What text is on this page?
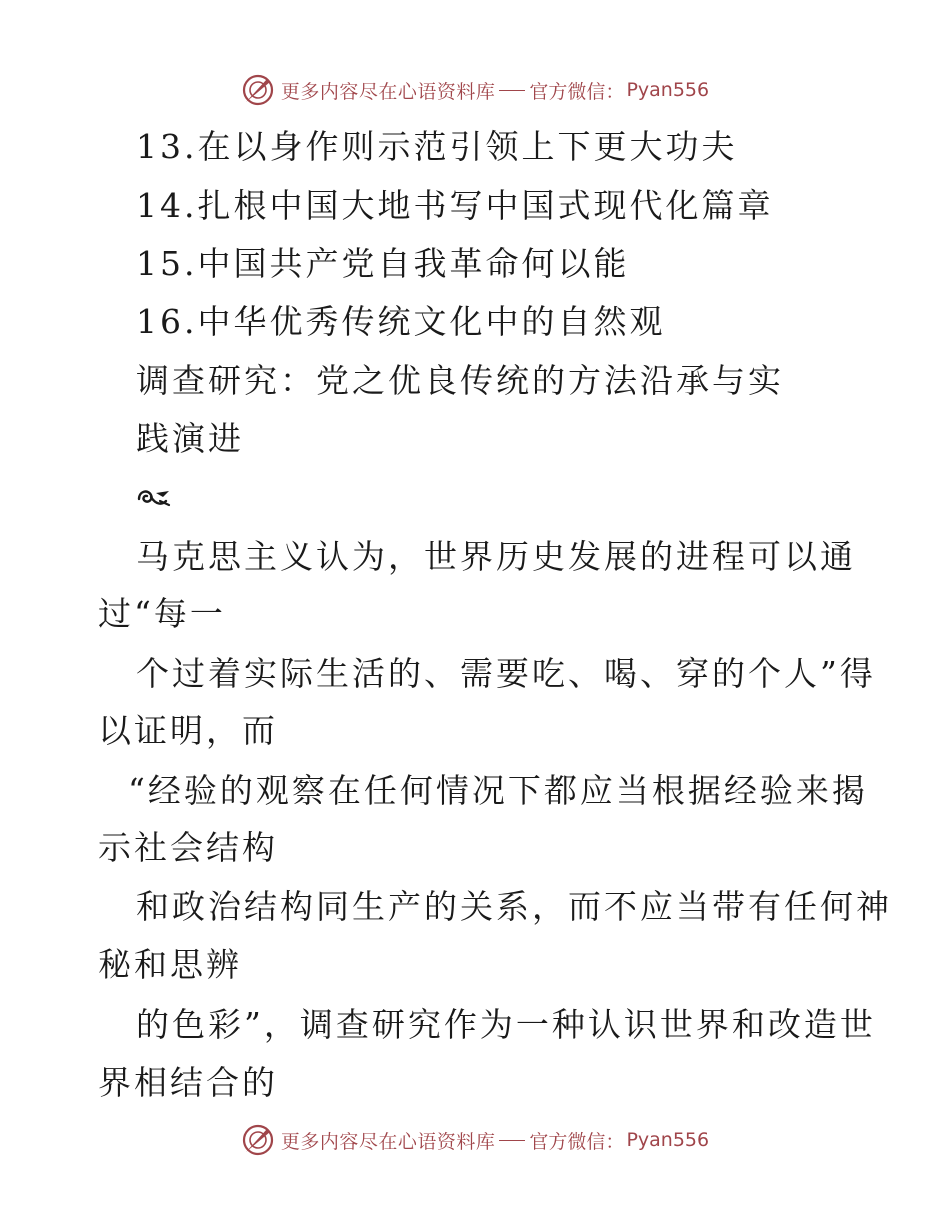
更多内容尽在心语资料库 官方微信： Pyan556
13.在以身作则示范引领上下更大功夫
14.扎根中国大地书写中国式现代化篇章
15.中国共产党自我革命何以能
16.中华优秀传统文化中的自然观
调查研究：党之优良传统的方法沿承与实
践演进
马克思主义认为，世界历史发展的进程可以通
过“每一
个过着实际生活的、需要吃、喝、穿的个人”得
以证明，而
“经验的观察在任何情况下都应当根据经验来揭
示社会结构
和政治结构同生产的关系，而不应当带有任何神
秘和思辨
的色彩”，调查研究作为一种认识世界和改造世
界相结合的
更多内容尽在心语资料库 官方微信： Pyan556
